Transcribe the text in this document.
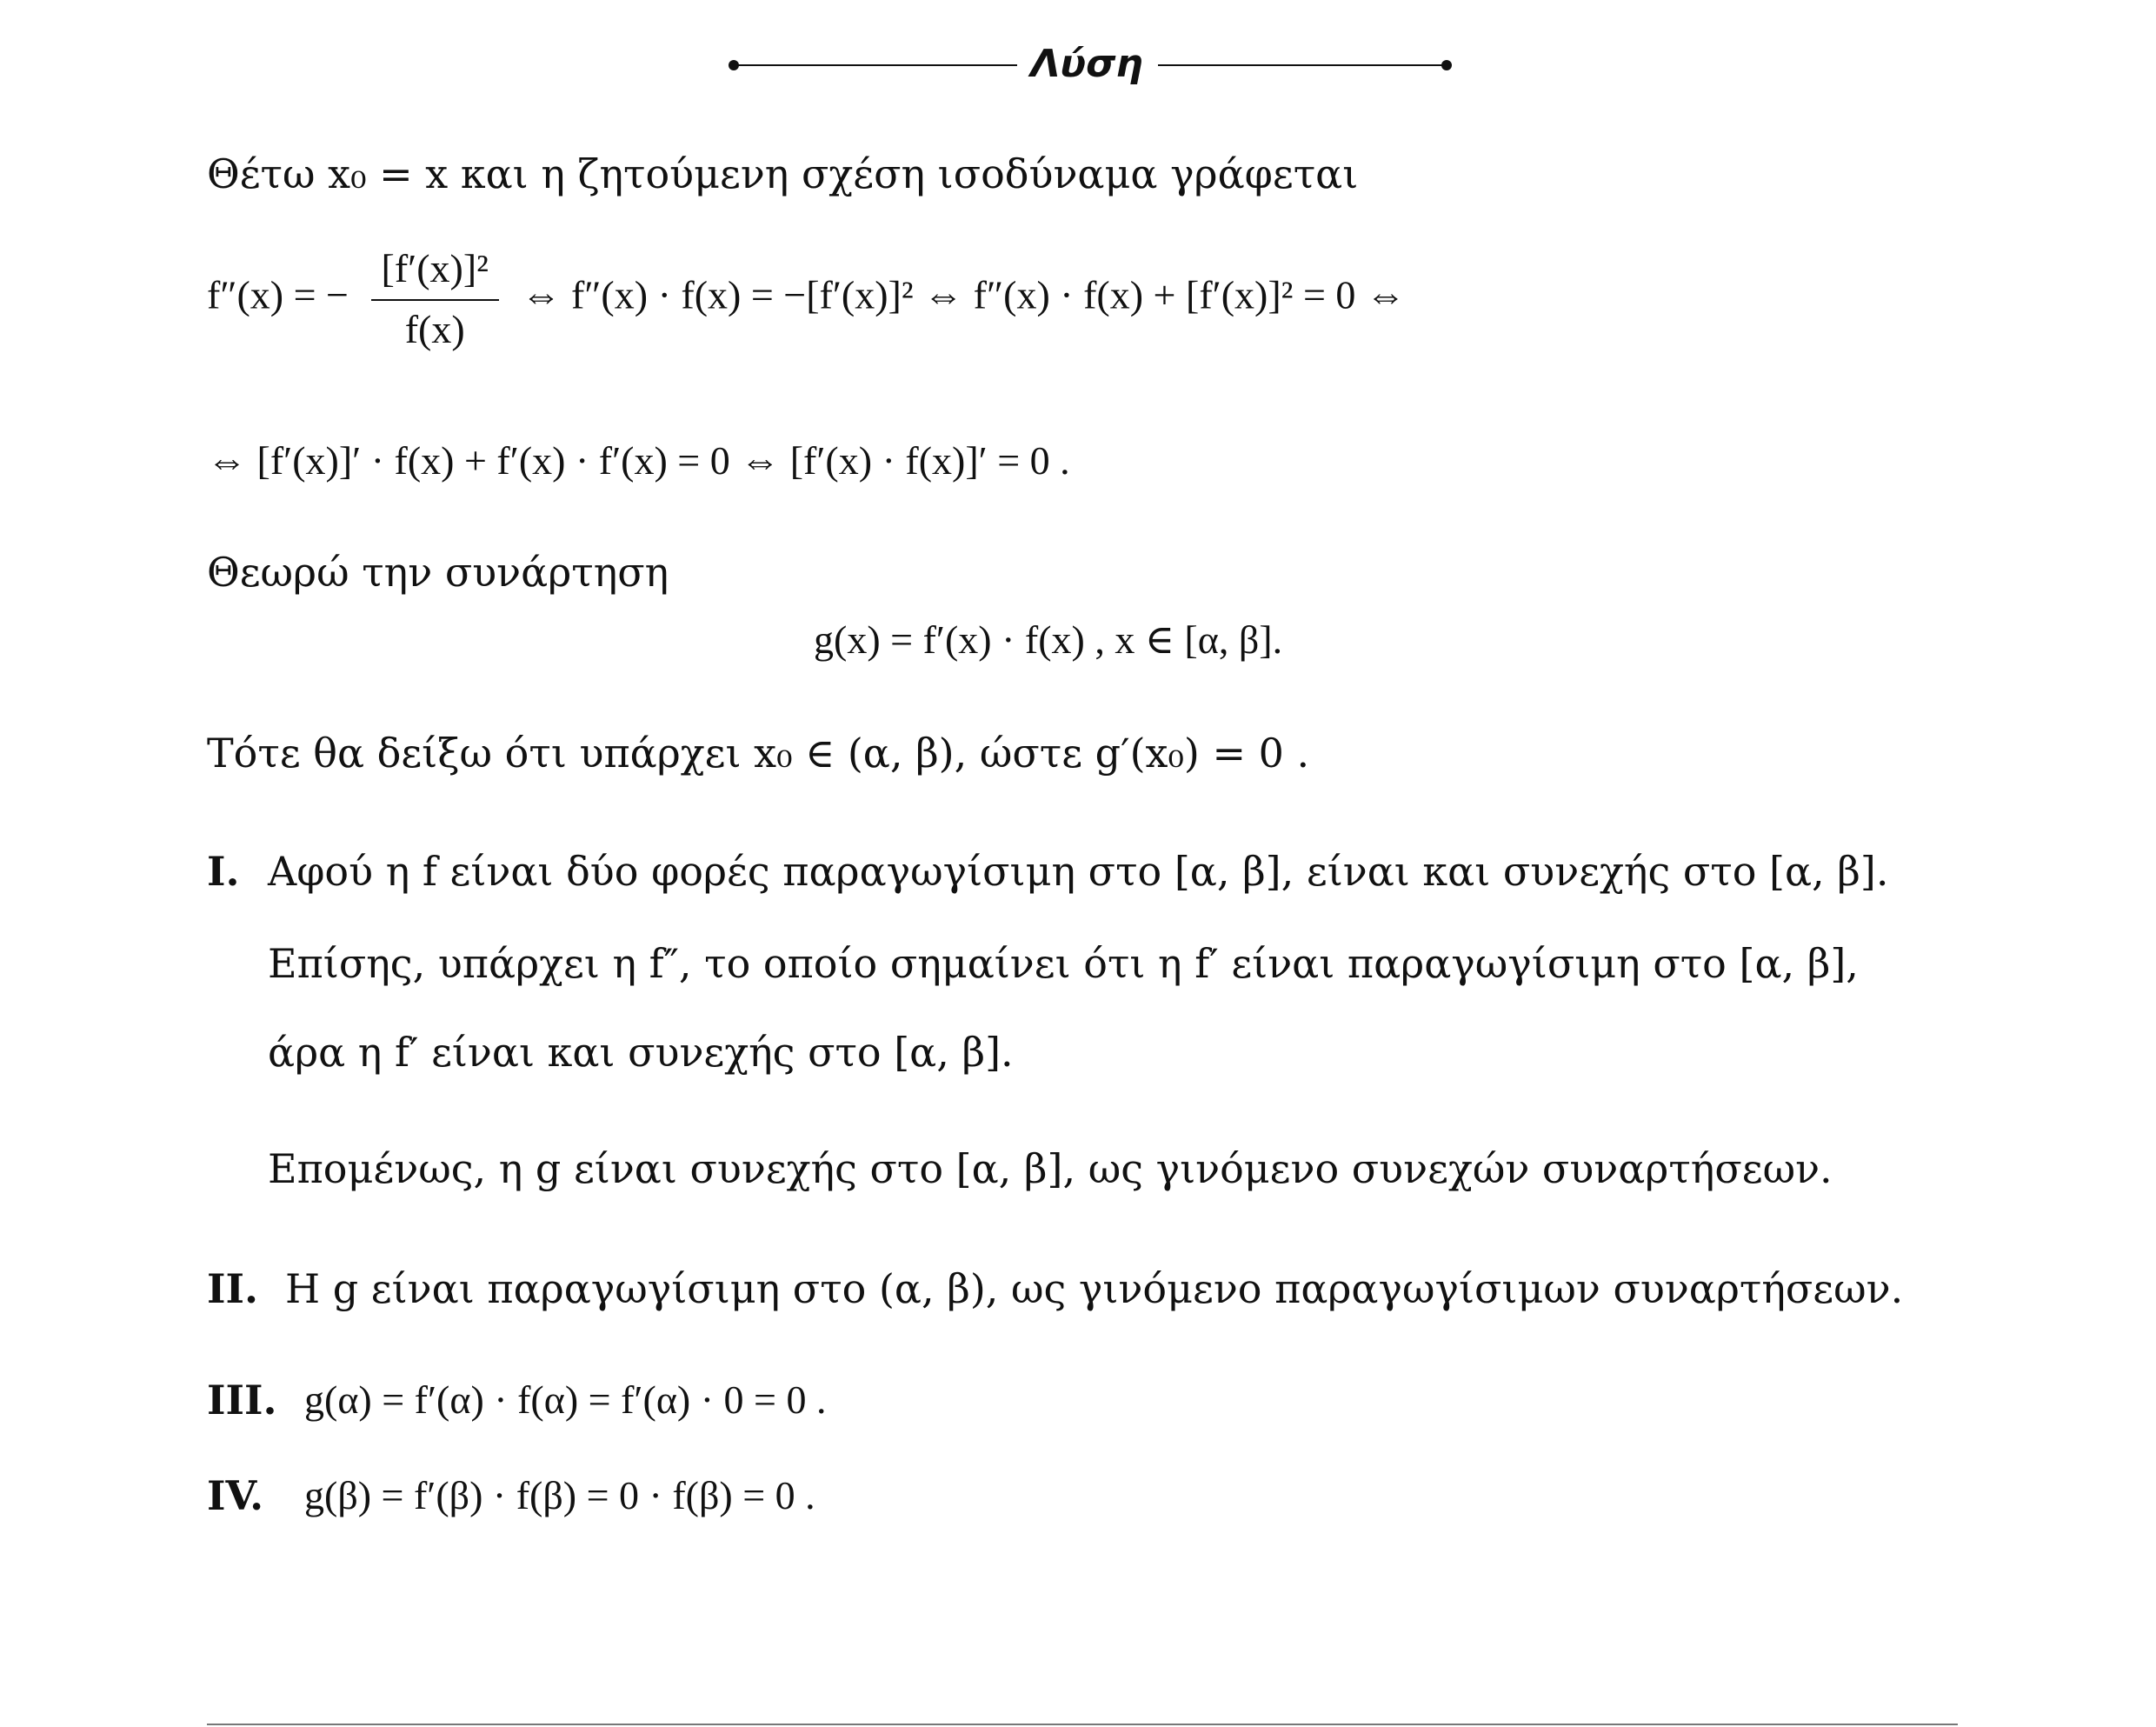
Λύση
Θέτω x₀ = x και η ζητούμενη σχέση ισοδύναμα γράφεται
f″(x) = − $\frac{\text{[f′(x)]²}}{f(x)}$ ⇔ f″(x) · f(x) = −[f′(x)]² ⇔ f″(x) · f(x) + [f′(x)]² = 0 ⇔
⇔ [f′(x)]′ · f(x) + f′(x) · f′(x) = 0 ⇔ [f′(x) · f(x)]′ = 0 .
Θεωρώ την συνάρτηση
g(x) = f′(x) · f(x) , x ∈ [α, β].
Τότε θα δείξω ότι υπάρχει x₀ ∈ (α, β), ώστε g′(x₀) = 0 .
I. Αφού η f είναι δύο φορές παραγωγίσιμη στο [α, β], είναι και συνεχής στο [α, β].
Επίσης, υπάρχει η f″, το οποίο σημαίνει ότι η f′ είναι παραγωγίσιμη στο [α, β],
άρα η f′ είναι και συνεχής στο [α, β].
Επομένως, η g είναι συνεχής στο [α, β], ως γινόμενο συνεχών συναρτήσεων.
II. Η g είναι παραγωγίσιμη στο (α, β), ως γινόμενο παραγωγίσιμων συναρτήσεων.
III. g(α) = f′(α) · f(α) = f′(α) · 0 = 0 .
IV. g(β) = f′(β) · f(β) = 0 · f(β) = 0 .
